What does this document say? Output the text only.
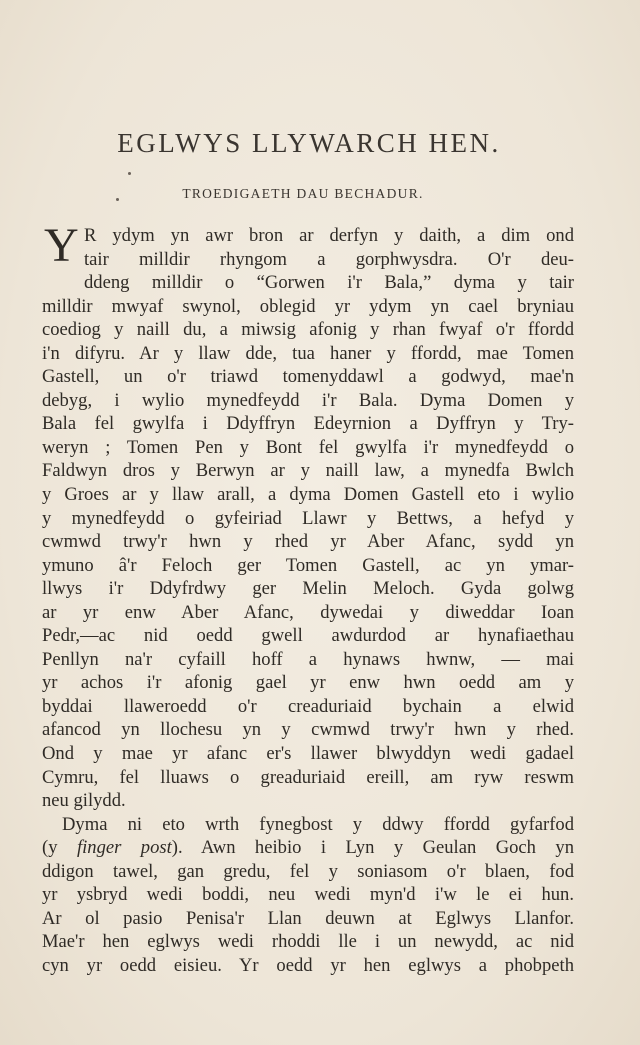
EGLWYS LLYWARCH HEN.
TROEDIGAETH DAU BECHADUR.
Y R ydym yn awr bron ar derfyn y daith, a dim ond
tair milldir rhyngom a gorphwysdra. O'r deu-
ddeng milldir o “Gorwen i'r Bala,” dyma y tair
milldir mwyaf swynol, oblegid yr ydym yn cael bryniau
coediog y naill du, a miwsig afonig y rhan fwyaf o'r ffordd
i'n difyru. Ar y llaw dde, tua haner y ffordd, mae Tomen
Gastell, un o'r triawd tomenyddawl a godwyd, mae'n
debyg, i wylio mynedfeydd i'r Bala. Dyma Domen y
Bala fel gwylfa i Ddyffryn Edeyrnion a Dyffryn y Try-
weryn ; Tomen Pen y Bont fel gwylfa i'r mynedfeydd o
Faldwyn dros y Berwyn ar y naill law, a mynedfa Bwlch
y Groes ar y llaw arall, a dyma Domen Gastell eto i wylio
y mynedfeydd o gyfeiriad Llawr y Bettws, a hefyd y
cwmwd trwy'r hwn y rhed yr Aber Afanc, sydd yn
ymuno â'r Feloch ger Tomen Gastell, ac yn ymar-
llwys i'r Ddyfrdwy ger Melin Meloch. Gyda golwg
ar yr enw Aber Afanc, dywedai y diweddar Ioan
Pedr,—ac nid oedd gwell awdurdod ar hynafiaethau
Penllyn na'r cyfaill hoff a hynaws hwnw, — mai
yr achos i'r afonig gael yr enw hwn oedd am y
byddai llaweroedd o'r creaduriaid bychain a elwid
afancod yn llochesu yn y cwmwd trwy'r hwn y rhed.
Ond y mae yr afanc er's llawer blwyddyn wedi gadael
Cymru, fel lluaws o greaduriaid ereill, am ryw reswm
neu gilydd.
Dyma ni eto wrth fynegbost y ddwy ffordd gyfarfod
(y finger post). Awn heibio i Lyn y Geulan Goch yn
ddigon tawel, gan gredu, fel y soniasom o'r blaen, fod
yr ysbryd wedi boddi, neu wedi myn'd i'w le ei hun.
Ar ol pasio Penisa'r Llan deuwn at Eglwys Llanfor.
Mae'r hen eglwys wedi rhoddi lle i un newydd, ac nid
cyn yr oedd eisieu. Yr oedd yr hen eglwys a phobpeth
